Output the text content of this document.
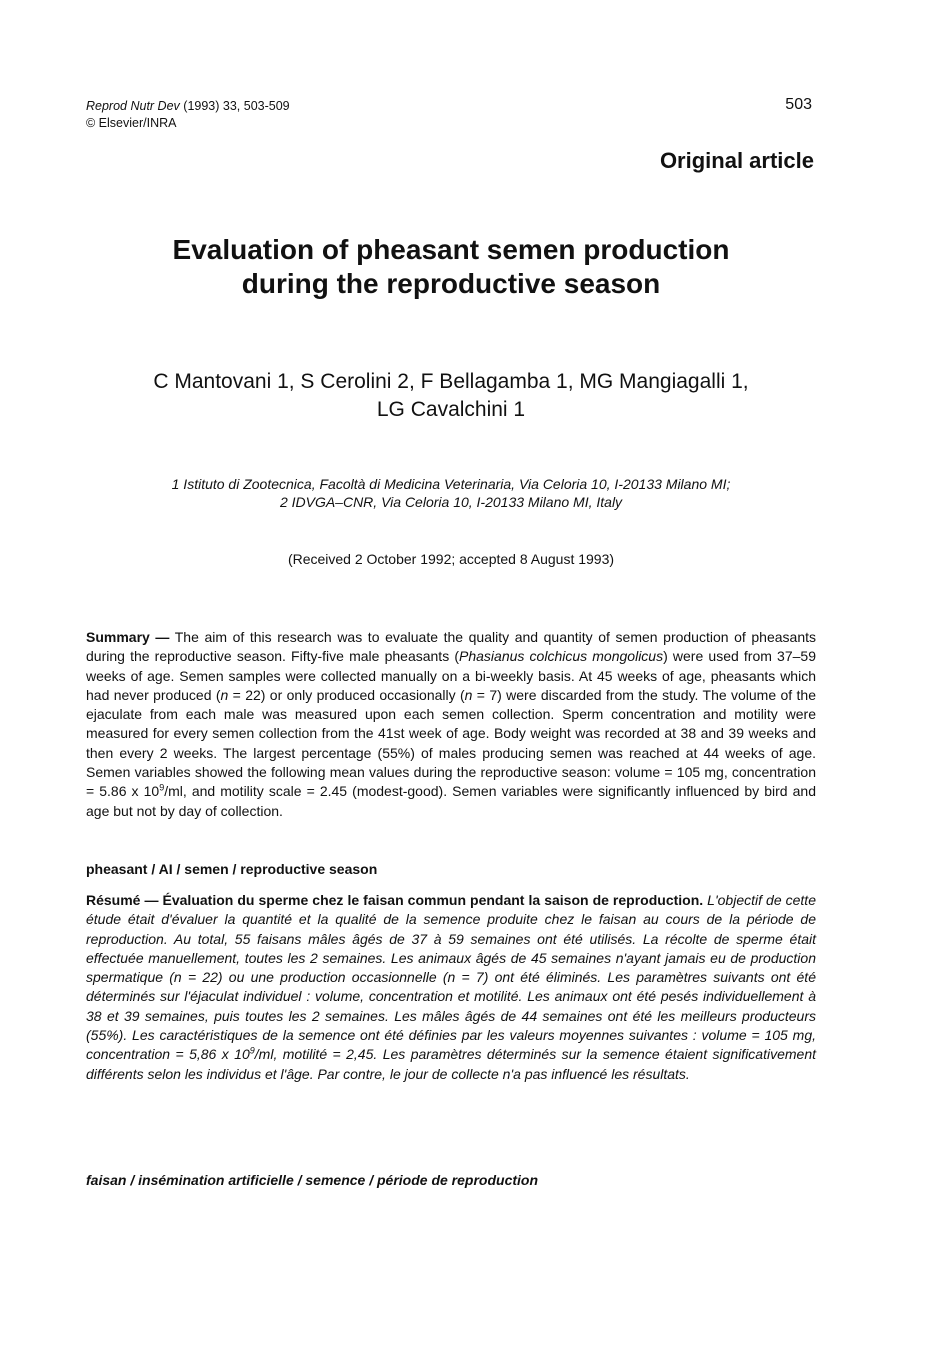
Reprod Nutr Dev (1993) 33, 503-509
© Elsevier/INRA
503
Original article
Evaluation of pheasant semen production
during the reproductive season
C Mantovani 1, S Cerolini 2, F Bellagamba 1, MG Mangiagalli 1,
LG Cavalchini 1
1 Istituto di Zootecnica, Facoltà di Medicina Veterinaria, Via Celoria 10, I-20133 Milano MI;
2 IDVGA–CNR, Via Celoria 10, I-20133 Milano MI, Italy
(Received 2 October 1992; accepted 8 August 1993)
Summary — The aim of this research was to evaluate the quality and quantity of semen production of pheasants during the reproductive season. Fifty-five male pheasants (Phasianus colchicus mongolicus) were used from 37–59 weeks of age. Semen samples were collected manually on a bi-weekly basis. At 45 weeks of age, pheasants which had never produced (n = 22) or only produced occasionally (n = 7) were discarded from the study. The volume of the ejaculate from each male was measured upon each semen collection. Sperm concentration and motility were measured for every semen collection from the 41st week of age. Body weight was recorded at 38 and 39 weeks and then every 2 weeks. The largest percentage (55%) of males producing semen was reached at 44 weeks of age. Semen variables showed the following mean values during the reproductive season: volume = 105 mg, concentration = 5.86 x $10^9/ml$, and motility scale = 2.45 (modest-good). Semen variables were significantly influenced by bird and age but not by day of collection.
pheasant / AI / semen / reproductive season
Résumé — Évaluation du sperme chez le faisan commun pendant la saison de reproduction. L'objectif de cette étude était d'évaluer la quantité et la qualité de la semence produite chez le faisan au cours de la période de reproduction. Au total, 55 faisans mâles âgés de 37 à 59 semaines ont été utilisés. La récolte de sperme était effectuée manuellement, toutes les 2 semaines. Les animaux âgés de 45 semaines n'ayant jamais eu de production spermatique (n = 22) ou une production occasionnelle (n = 7) ont été éliminés. Les paramètres suivants ont été déterminés sur l'éjaculat individuel : volume, concentration et motilité. Les animaux ont été pesés individuellement à 38 et 39 semaines, puis toutes les 2 semaines. Les mâles âgés de 44 semaines ont été les meilleurs producteurs (55%). Les caractéristiques de la semence ont été définies par les valeurs moyennes suivantes : volume = 105 mg, concentration = 5,86 x $10^9/ml$, motilité = 2,45. Les paramètres déterminés sur la semence étaient significativement différents selon les individus et l'âge. Par contre, le jour de collecte n'a pas influencé les résultats.
faisan / insémination artificielle / semence / période de reproduction
